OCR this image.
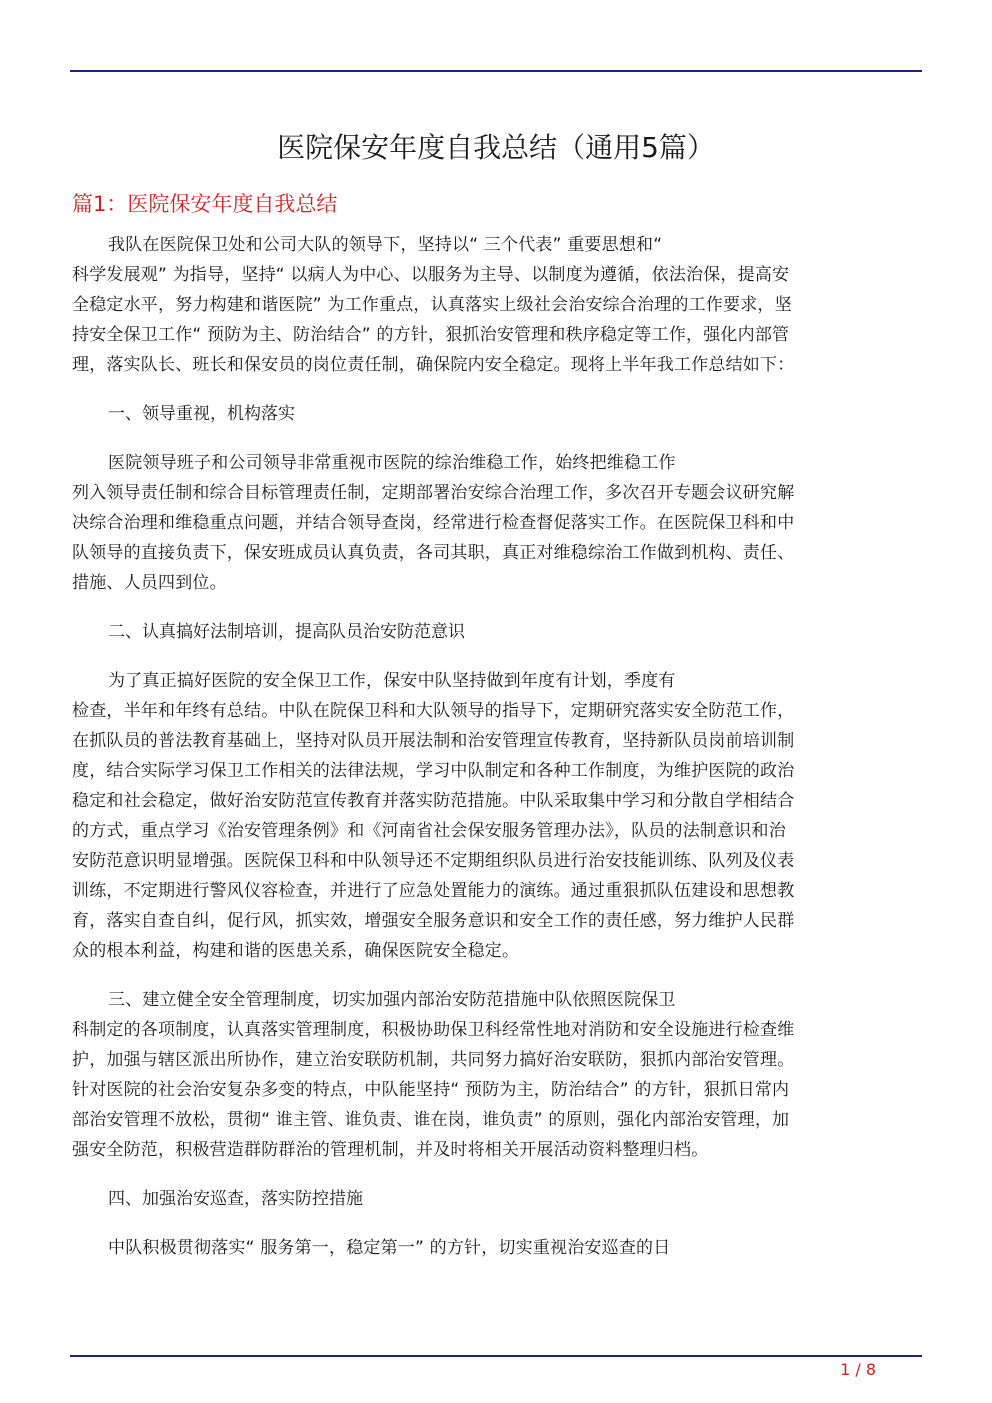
医院保安年度自我总结（通用5篇）
篇1：医院保安年度自我总结
我队在医院保卫处和公司大队的领导下，坚持以“ 三个代表” 重要思想和“
科学发展观” 为指导，坚持“ 以病人为中心、以服务为主导、以制度为遵循，依法治保，提高安
全稳定水平，努力构建和谐医院” 为工作重点，认真落实上级社会治安综合治理的工作要求，坚
持安全保卫工作“ 预防为主、防治结合” 的方针，狠抓治安管理和秩序稳定等工作，强化内部管
理，落实队长、班长和保安员的岗位责任制，确保院内安全稳定。现将上半年我工作总结如下：
一、领导重视，机构落实
医院领导班子和公司领导非常重视市医院的综治维稳工作，始终把维稳工作
列入领导责任制和综合目标管理责任制，定期部署治安综合治理工作，多次召开专题会议研究解
决综合治理和维稳重点问题，并结合领导查岗，经常进行检查督促落实工作。在医院保卫科和中
队领导的直接负责下，保安班成员认真负责，各司其职，真正对维稳综治工作做到机构、责任、
措施、人员四到位。
二、认真搞好法制培训，提高队员治安防范意识
为了真正搞好医院的安全保卫工作，保安中队坚持做到年度有计划，季度有
检查，半年和年终有总结。中队在院保卫科和大队领导的指导下，定期研究落实安全防范工作，
在抓队员的普法教育基础上，坚持对队员开展法制和治安管理宣传教育，坚持新队员岗前培训制
度，结合实际学习保卫工作相关的法律法规，学习中队制定和各种工作制度，为维护医院的政治
稳定和社会稳定，做好治安防范宣传教育并落实防范措施。中队采取集中学习和分散自学相结合
的方式，重点学习《治安管理条例》和《河南省社会保安服务管理办法》，队员的法制意识和治
安防范意识明显增强。医院保卫科和中队领导还不定期组织队员进行治安技能训练、队列及仪表
训练，不定期进行警风仪容检查，并进行了应急处置能力的演练。通过重狠抓队伍建设和思想教
育，落实自查自纠，促行风，抓实效，增强安全服务意识和安全工作的责任感，努力维护人民群
众的根本利益，构建和谐的医患关系，确保医院安全稳定。
三、建立健全安全管理制度，切实加强内部治安防范措施中队依照医院保卫
科制定的各项制度，认真落实管理制度，积极协助保卫科经常性地对消防和安全设施进行检查维
护，加强与辖区派出所协作，建立治安联防机制，共同努力搞好治安联防，狠抓内部治安管理。
针对医院的社会治安复杂多变的特点，中队能坚持“ 预防为主，防治结合” 的方针，狠抓日常内
部治安管理不放松，贯彻“ 谁主管、谁负责、谁在岗，谁负责” 的原则，强化内部治安管理，加
强安全防范，积极营造群防群治的管理机制，并及时将相关开展活动资料整理归档。
四、加强治安巡查，落实防控措施
中队积极贯彻落实“ 服务第一，稳定第一” 的方针，切实重视治安巡查的日
1 / 8
